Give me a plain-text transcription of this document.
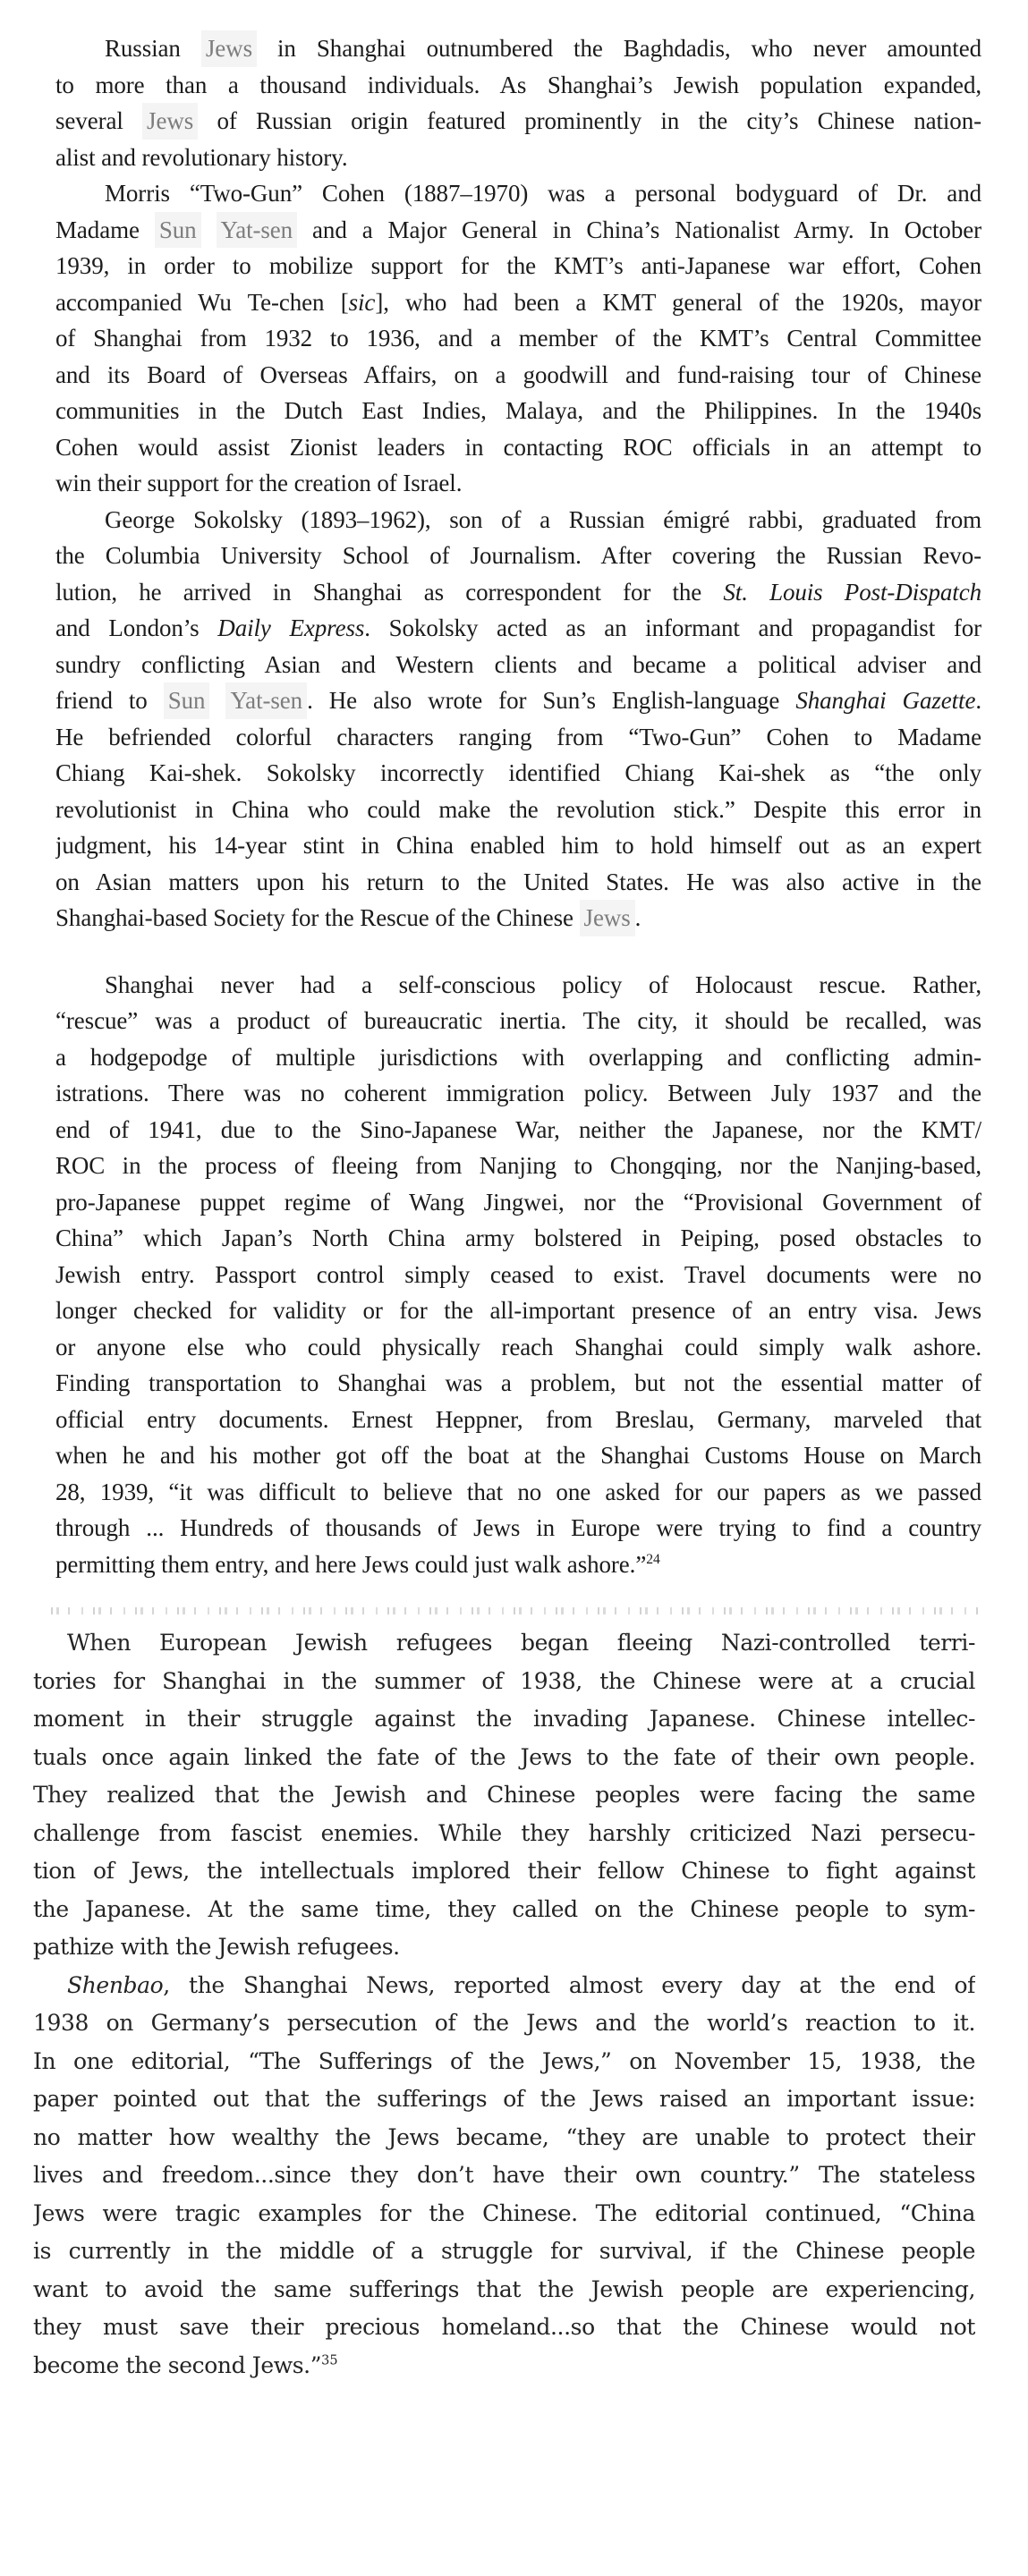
Russian Jews in Shanghai outnumbered the Baghdadis, who never amounted
to more than a thousand individuals. As Shanghai’s Jewish population expanded,
several Jews of Russian origin featured prominently in the city’s Chinese nation-
alist and revolutionary history.
Morris “Two-Gun” Cohen (1887–1970) was a personal bodyguard of Dr. and
Madame Sun Yat-sen and a Major General in China’s Nationalist Army. In October
1939, in order to mobilize support for the KMT’s anti-Japanese war effort, Cohen
accompanied Wu Te-chen [sic], who had been a KMT general of the 1920s, mayor
of Shanghai from 1932 to 1936, and a member of the KMT’s Central Committee
and its Board of Overseas Affairs, on a goodwill and fund-raising tour of Chinese
communities in the Dutch East Indies, Malaya, and the Philippines. In the 1940s
Cohen would assist Zionist leaders in contacting ROC officials in an attempt to
win their support for the creation of Israel.
George Sokolsky (1893–1962), son of a Russian émigré rabbi, graduated from
the Columbia University School of Journalism. After covering the Russian Revo-
lution, he arrived in Shanghai as correspondent for the St. Louis Post-Dispatch
and London’s Daily Express. Sokolsky acted as an informant and propagandist for
sundry conflicting Asian and Western clients and became a political adviser and
friend to Sun Yat-sen . He also wrote for Sun’s English-language Shanghai Gazette.
He befriended colorful characters ranging from “Two-Gun” Cohen to Madame
Chiang Kai-shek. Sokolsky incorrectly identified Chiang Kai-shek as “the only
revolutionist in China who could make the revolution stick.” Despite this error in
judgment, his 14-year stint in China enabled him to hold himself out as an expert
on Asian matters upon his return to the United States. He was also active in the
Shanghai-based Society for the Rescue of the Chinese Jews .
Shanghai never had a self-conscious policy of Holocaust rescue. Rather,
“rescue” was a product of bureaucratic inertia. The city, it should be recalled, was
a hodgepodge of multiple jurisdictions with overlapping and conflicting admin-
istrations. There was no coherent immigration policy. Between July 1937 and the
end of 1941, due to the Sino-Japanese War, neither the Japanese, nor the KMT/
ROC in the process of fleeing from Nanjing to Chongqing, nor the Nanjing-based,
pro-Japanese puppet regime of Wang Jingwei, nor the “Provisional Government of
China” which Japan’s North China army bolstered in Peiping, posed obstacles to
Jewish entry. Passport control simply ceased to exist. Travel documents were no
longer checked for validity or for the all-important presence of an entry visa. Jews
or anyone else who could physically reach Shanghai could simply walk ashore.
Finding transportation to Shanghai was a problem, but not the essential matter of
official entry documents. Ernest Heppner, from Breslau, Germany, marveled that
when he and his mother got off the boat at the Shanghai Customs House on March
28, 1939, “it was difficult to believe that no one asked for our papers as we passed
through ... Hundreds of thousands of Jews in Europe were trying to find a country
permitting them entry, and here Jews could just walk ashore.”$^{24}$
When European Jewish refugees began fleeing Nazi-controlled terri-
tories for Shanghai in the summer of 1938, the Chinese were at a crucial
moment in their struggle against the invading Japanese. Chinese intellec-
tuals once again linked the fate of the Jews to the fate of their own people.
They realized that the Jewish and Chinese peoples were facing the same
challenge from fascist enemies. While they harshly criticized Nazi persecu-
tion of Jews, the intellectuals implored their fellow Chinese to fight against
the Japanese. At the same time, they called on the Chinese people to sym-
pathize with the Jewish refugees.
Shenbao, the Shanghai News, reported almost every day at the end of
1938 on Germany’s persecution of the Jews and the world’s reaction to it.
In one editorial, “The Sufferings of the Jews,” on November 15, 1938, the
paper pointed out that the sufferings of the Jews raised an important issue:
no matter how wealthy the Jews became, “they are unable to protect their
lives and freedom...since they don’t have their own country.” The stateless
Jews were tragic examples for the Chinese. The editorial continued, “China
is currently in the middle of a struggle for survival, if the Chinese people
want to avoid the same sufferings that the Jewish people are experiencing,
they must save their precious homeland...so that the Chinese would not
become the second Jews.”$^{35}$
